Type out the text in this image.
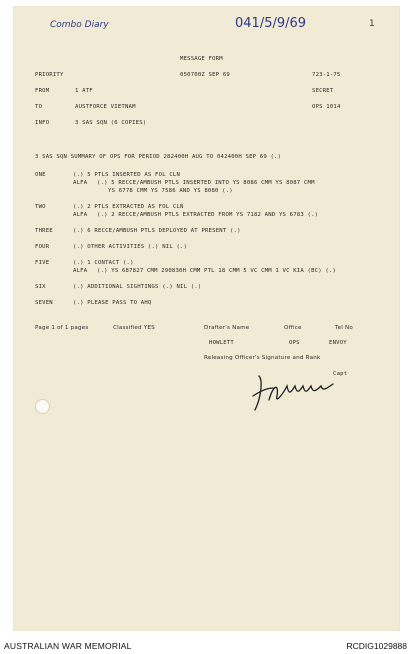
Combo Diary	041/5/9/69	1
MESSAGE FORM
PRIORITY	050700Z SEP 69	723-1-75
FROM	1 ATF	SECRET
TO	AUSTFORCE VIETNAM	OPS 1014
INFO	3 SAS SQN (6 COPIES)
3 SAS SQN SUMMARY OF OPS FOR PERIOD 282400H AUG TO 042400H SEP 69 (.)
ONE	(.) 5 PTLS INSERTED AS FOL CLN
ALFA (.) 5 RECCE/AMBUSH PTLS INSERTED INTO YS 8086 CMM YS 8087 CMM
YS 6778 CMM YS 7586 AND YS 8080 (.)
TWO	(.) 2 PTLS EXTRACTED AS FOL CLN
ALFA (.) 2 RECCE/AMBUSH PTLS EXTRACTED FROM YS 7182 AND YS 6783 (.)
THREE	(.) 6 RECCE/AMBUSH PTLS DEPLOYED AT PRESENT (.)
FOUR	(.) OTHER ACTIVITIES (.) NIL (.)
FIVE	(.) 1 CONTACT (.)
ALFA (.) YS 687827 CMM 290830H CMM PTL 18 CMM 5 VC CMM 1 VC KIA (BC) (.)
SIX	(.) ADDITIONAL SIGHTINGS (.) NIL (.)
SEVEN	(.) PLEASE PASS TO AHQ
Page 1 of 1 pages	Classified YES	Drafter's Name	Office	Tel No
HOWLETT	OPS	ENVOY
Releasing Officer's Signature and Rank
Capt
AUSTRALIAN WAR MEMORIAL	RCDIG1029888
